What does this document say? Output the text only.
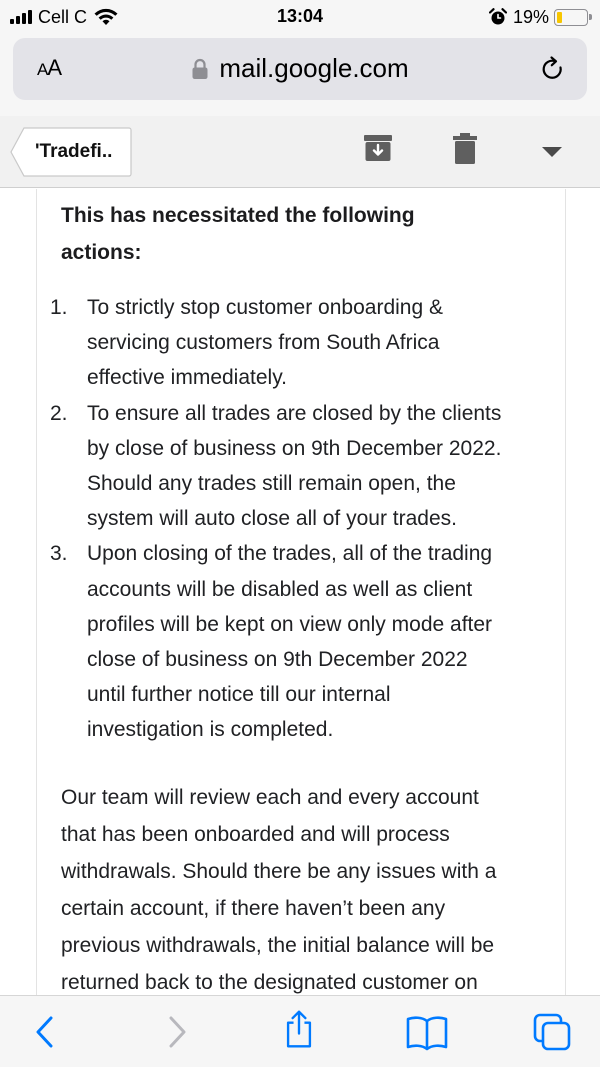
Cell C	13:04	19%
AA	mail.google.com
'Tradefi..
This has necessitated the following
actions:
1. To strictly stop customer onboarding &
servicing customers from South Africa
effective immediately.
2. To ensure all trades are closed by the clients
by close of business on 9th December 2022.
Should any trades still remain open, the
system will auto close all of your trades.
3. Upon closing of the trades, all of the trading
accounts will be disabled as well as client
profiles will be kept on view only mode after
close of business on 9th December 2022
until further notice till our internal
investigation is completed.
Our team will review each and every account
that has been onboarded and will process
withdrawals. Should there be any issues with a
certain account, if there haven’t been any
previous withdrawals, the initial balance will be
returned back to the designated customer on
